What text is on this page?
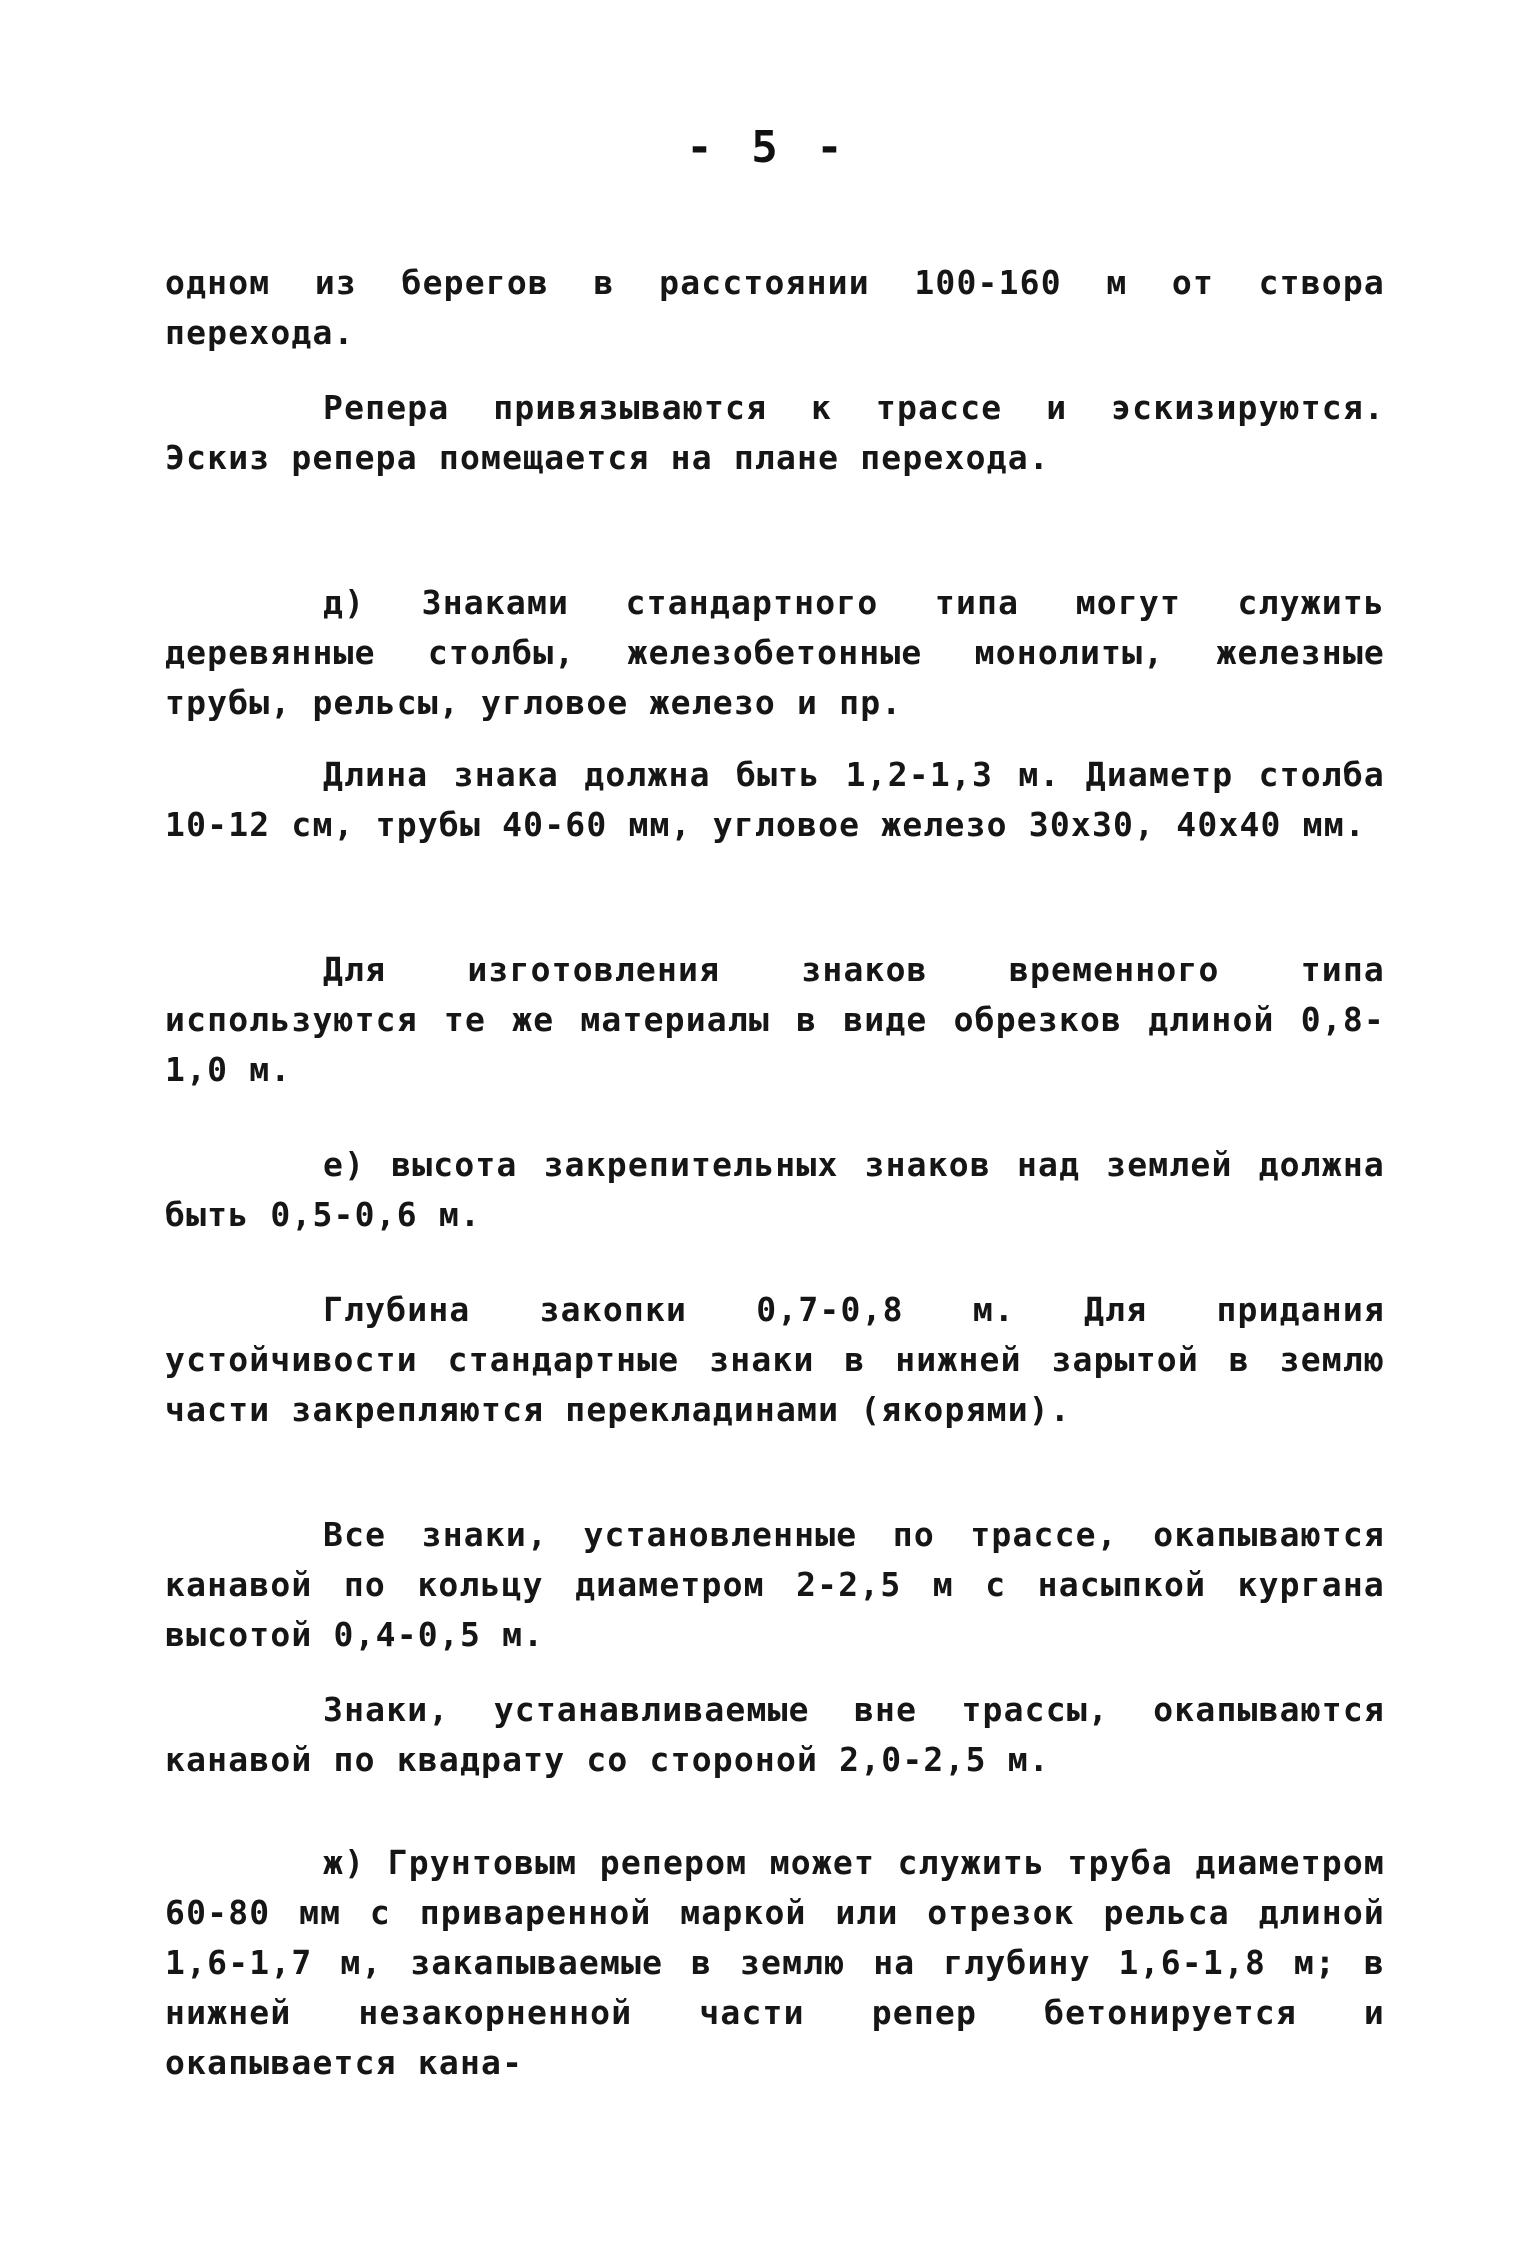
- 5 -

одном из берегов в расстоянии 100-160 м от створа перехода.

Репера привязываются к трассе и эскизируются. Эскиз репера помещается на плане перехода.

д) Знаками стандартного типа могут служить деревянные столбы, железобетонные монолиты, железные трубы, рельсы, угловое железо и пр.

Длина знака должна быть 1,2-1,3 м. Диаметр столба 10-12 см, трубы 40-60 мм, угловое железо 30х30, 40х40 мм.

Для изготовления знаков временного типа используются те же материалы в виде обрезков длиной 0,8-1,0 м.

е) высота закрепительных знаков над землей должна быть 0,5-0,6 м.

Глубина закопки 0,7-0,8 м. Для придания устойчивости стандартные знаки в нижней зарытой в землю части закрепляются перекладинами (якорями).

Все знаки, установленные по трассе, окапываются канавой по кольцу диаметром 2-2,5 м с насыпкой кургана высотой 0,4-0,5 м.

Знаки, устанавливаемые вне трассы, окапываются канавой по квадрату со стороной 2,0-2,5 м.

ж) Грунтовым репером может служить труба диаметром 60-80 мм с приваренной маркой или отрезок рельса длиной 1,6-1,7 м, закапываемые в землю на глубину 1,6-1,8 м; в нижней незакорненной части репер бетонируется и окапывается кана-
